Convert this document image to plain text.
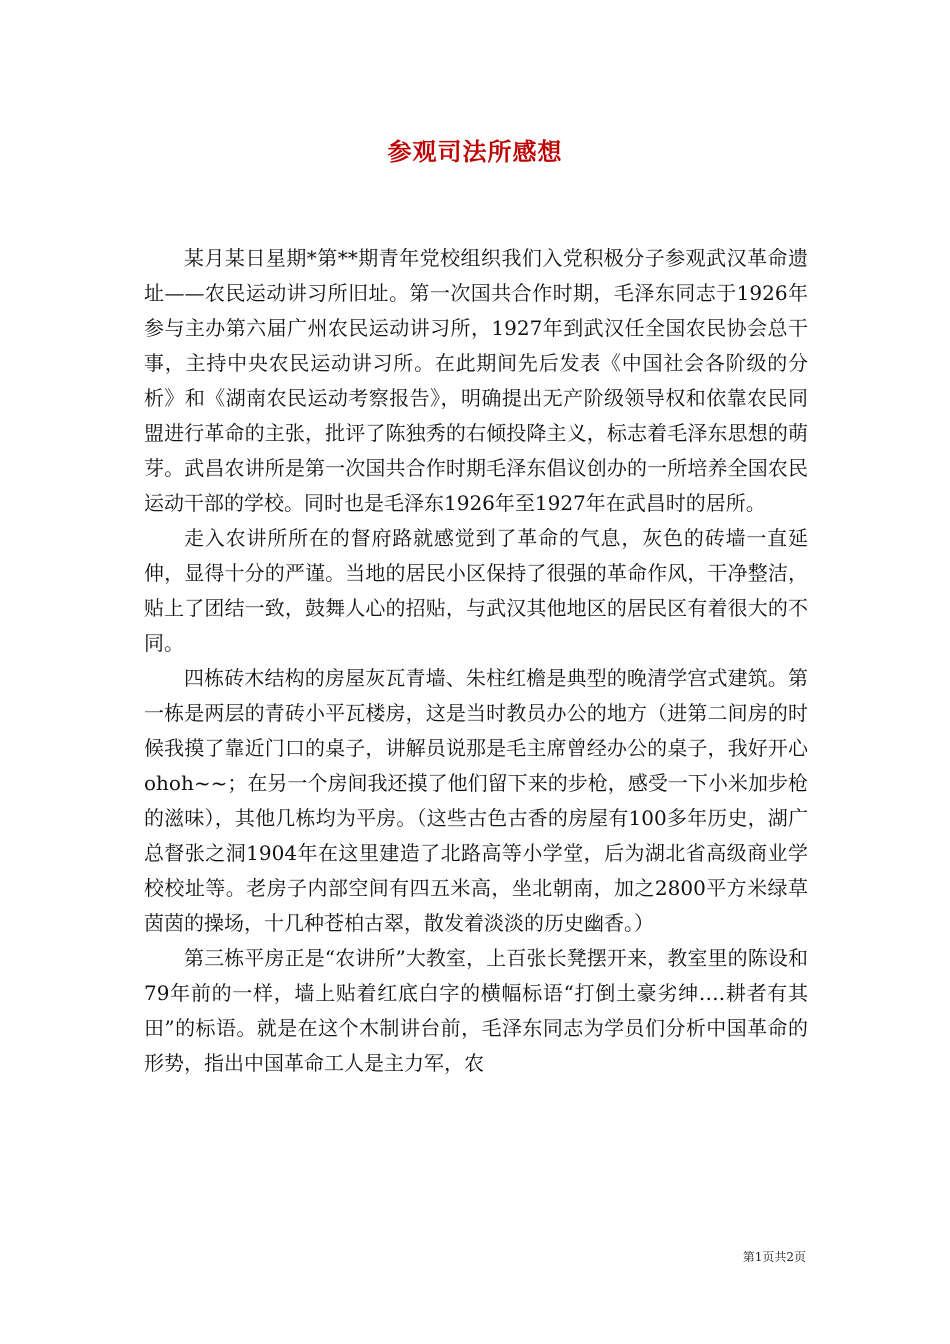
参观司法所感想

某月某日星期*第**期青年党校组织我们入党积极分子参观武汉革命遗址——农民运动讲习所旧址。第一次国共合作时期，毛泽东同志于1926年参与主办第六届广州农民运动讲习所，1927年到武汉任全国农民协会总干事，主持中央农民运动讲习所。在此期间先后发表《中国社会各阶级的分析》和《湖南农民运动考察报告》，明确提出无产阶级领导权和依靠农民同盟进行革命的主张，批评了陈独秀的右倾投降主义，标志着毛泽东思想的萌芽。武昌农讲所是第一次国共合作时期毛泽东倡议创办的一所培养全国农民运动干部的学校。同时也是毛泽东1926年至1927年在武昌时的居所。

走入农讲所所在的督府路就感觉到了革命的气息，灰色的砖墙一直延伸，显得十分的严谨。当地的居民小区保持了很强的革命作风，干净整洁，贴上了团结一致，鼓舞人心的招贴，与武汉其他地区的居民区有着很大的不同。

四栋砖木结构的房屋灰瓦青墙、朱柱红檐是典型的晚清学宫式建筑。第一栋是两层的青砖小平瓦楼房，这是当时教员办公的地方（进第二间房的时候我摸了靠近门口的桌子，讲解员说那是毛主席曾经办公的桌子，我好开心ohoh~~；在另一个房间我还摸了他们留下来的步枪，感受一下小米加步枪的滋味），其他几栋均为平房。（这些古色古香的房屋有100多年历史，湖广总督张之洞1904年在这里建造了北路高等小学堂，后为湖北省高级商业学校校址等。老房子内部空间有四五米高，坐北朝南，加之2800平方米绿草茵茵的操场，十几种苍柏古翠，散发着淡淡的历史幽香。）

第三栋平房正是“农讲所”大教室，上百张长凳摆开来，教室里的陈设和79年前的一样，墙上贴着红底白字的横幅标语“打倒土豪劣绅….耕者有其田”的标语。就是在这个木制讲台前，毛泽东同志为学员们分析中国革命的形势，指出中国革命工人是主力军，农

第1页共2页
